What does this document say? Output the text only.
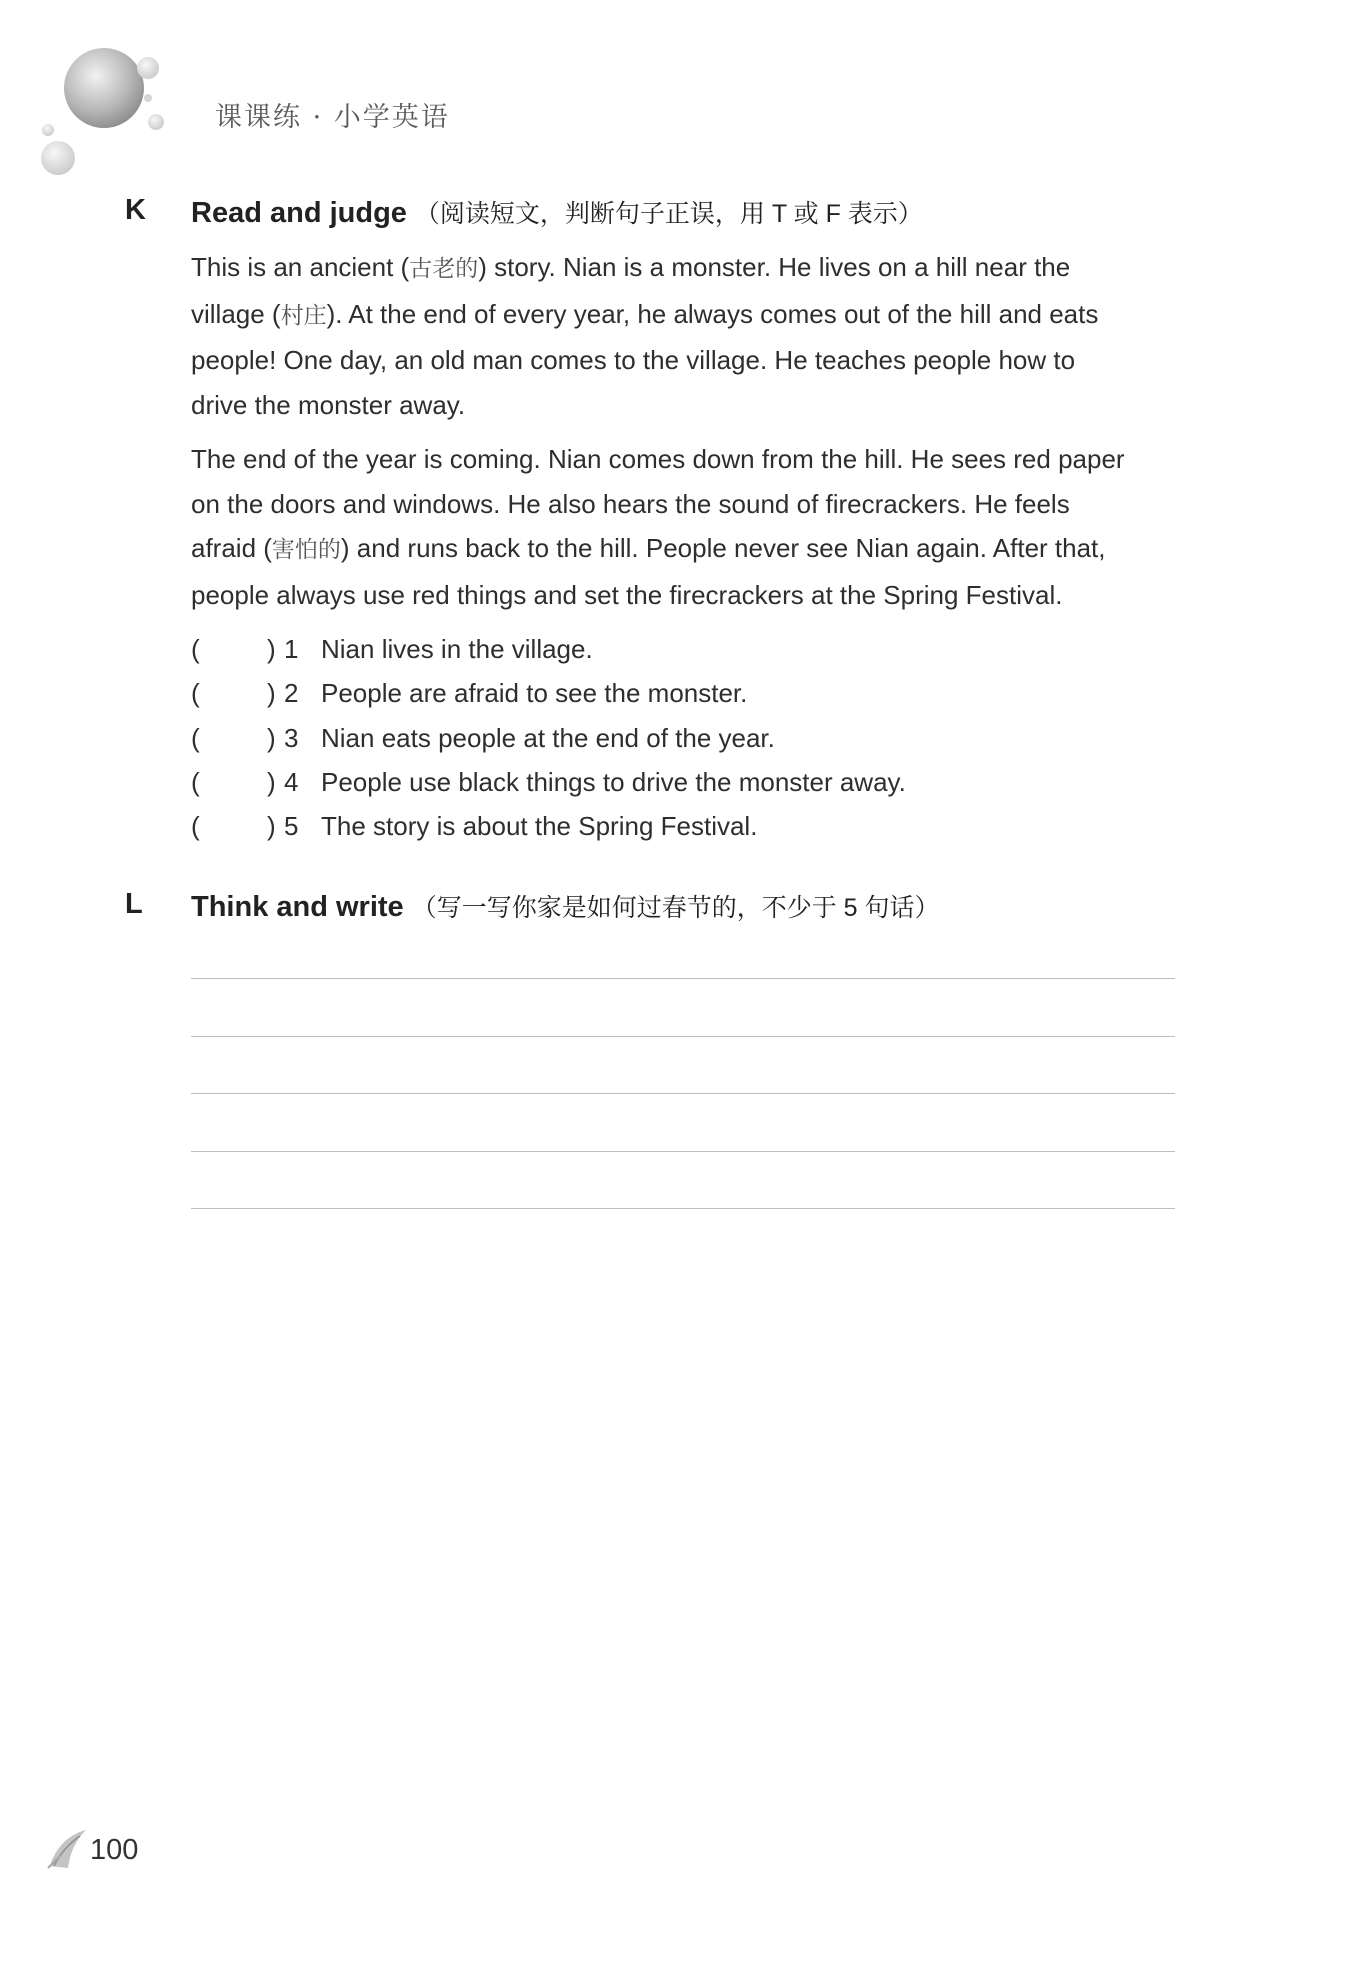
课课练 · 小学英语
K Read and judge （阅读短文，判断句子正误，用 T 或 F 表示）

This is an ancient (古老的) story. Nian is a monster. He lives on a hill near the

village (村庄). At the end of every year, he always comes out of the hill and eats

people! One day, an old man comes to the village. He teaches people how to

drive the monster away.

The end of the year is coming. Nian comes down from the hill. He sees red paper

on the doors and windows. He also hears the sound of firecrackers. He feels

afraid (害怕的) and runs back to the hill. People never see Nian again. After that,

people always use red things and set the firecrackers at the Spring Festival.

(	) 1 Nian lives in the village.
(	) 2 People are afraid to see the monster.
(	) 3 Nian eats people at the end of the year.
(	) 4 People use black things to drive the monster away.
(	) 5 The story is about the Spring Festival.
L Think and write （写一写你家是如何过春节的，不少于 5 句话）
100
